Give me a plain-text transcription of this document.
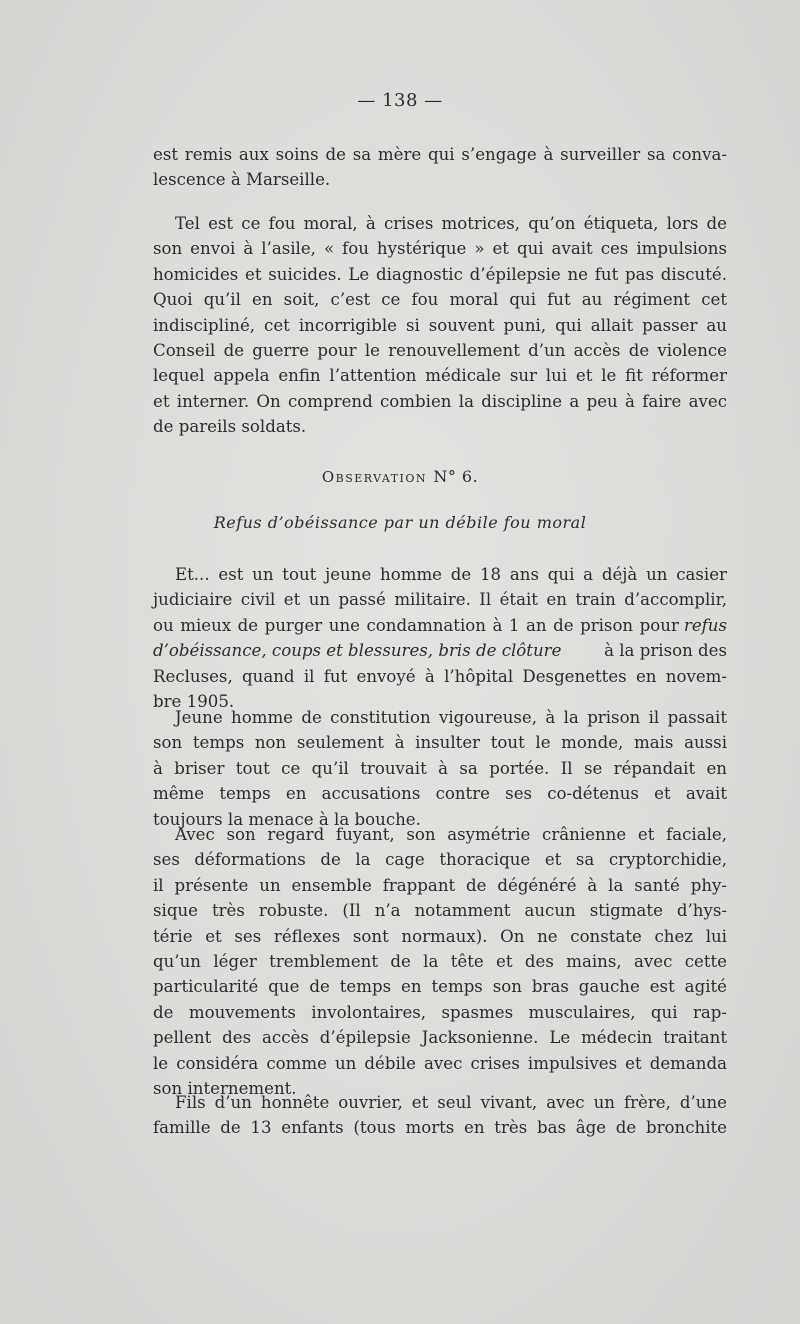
— 138 —
est remis aux soins de sa mère qui s’engage à surveiller sa conva-
lescence à Marseille.
Tel est ce fou moral, à crises motrices, qu’on étiqueta, lors de
son envoi à l’asile, « fou hystérique » et qui avait ces impulsions
homicides et suicides. Le diagnostic d’épilepsie ne fut pas discuté.
Quoi qu’il en soit, c’est ce fou moral qui fut au régiment cet
indiscipliné, cet incorrigible si souvent puni, qui allait passer au
Conseil de guerre pour le renouvellement d’un accès de violence
lequel appela enfin l’attention médicale sur lui et le fit réformer
et interner. On comprend combien la discipline a peu à faire avec
de pareils soldats.
Observation N° 6.
Refus d’obéissance par un débile fou moral
Et... est un tout jeune homme de 18 ans qui a déjà un casier
judiciaire civil et un passé militaire. Il était en train d’accomplir,
ou mieux de purger une condamnation à 1 an de prison pour refus
d’obéissance, coups et blessures, bris de clôture	à la prison des
Recluses, quand il fut envoyé à l’hôpital Desgenettes en novem-
bre 1905.
Jeune homme de constitution vigoureuse, à la prison il passait
son temps non seulement à insulter tout le monde, mais aussi
à briser tout ce qu’il trouvait à sa portée. Il se répandait en
même temps en accusations contre ses co-détenus et avait
toujours la menace à la bouche.
Avec son regard fuyant, son asymétrie crânienne et faciale,
ses déformations de la cage thoracique et sa cryptorchidie,
il présente un ensemble frappant de dégénéré à la santé phy-
sique très robuste. (Il n’a notamment aucun stigmate d’hys-
térie et ses réflexes sont normaux). On ne constate chez lui
qu’un léger tremblement de la tête et des mains, avec cette
particularité que de temps en temps son bras gauche est agité
de mouvements involontaires, spasmes musculaires, qui rap-
pellent des accès d’épilepsie Jacksonienne. Le médecin traitant
le considéra comme un débile avec crises impulsives et demanda
son internement.
Fils d’un honnête ouvrier, et seul vivant, avec un frère, d’une
famille de 13 enfants (tous morts en très bas âge de bronchite
